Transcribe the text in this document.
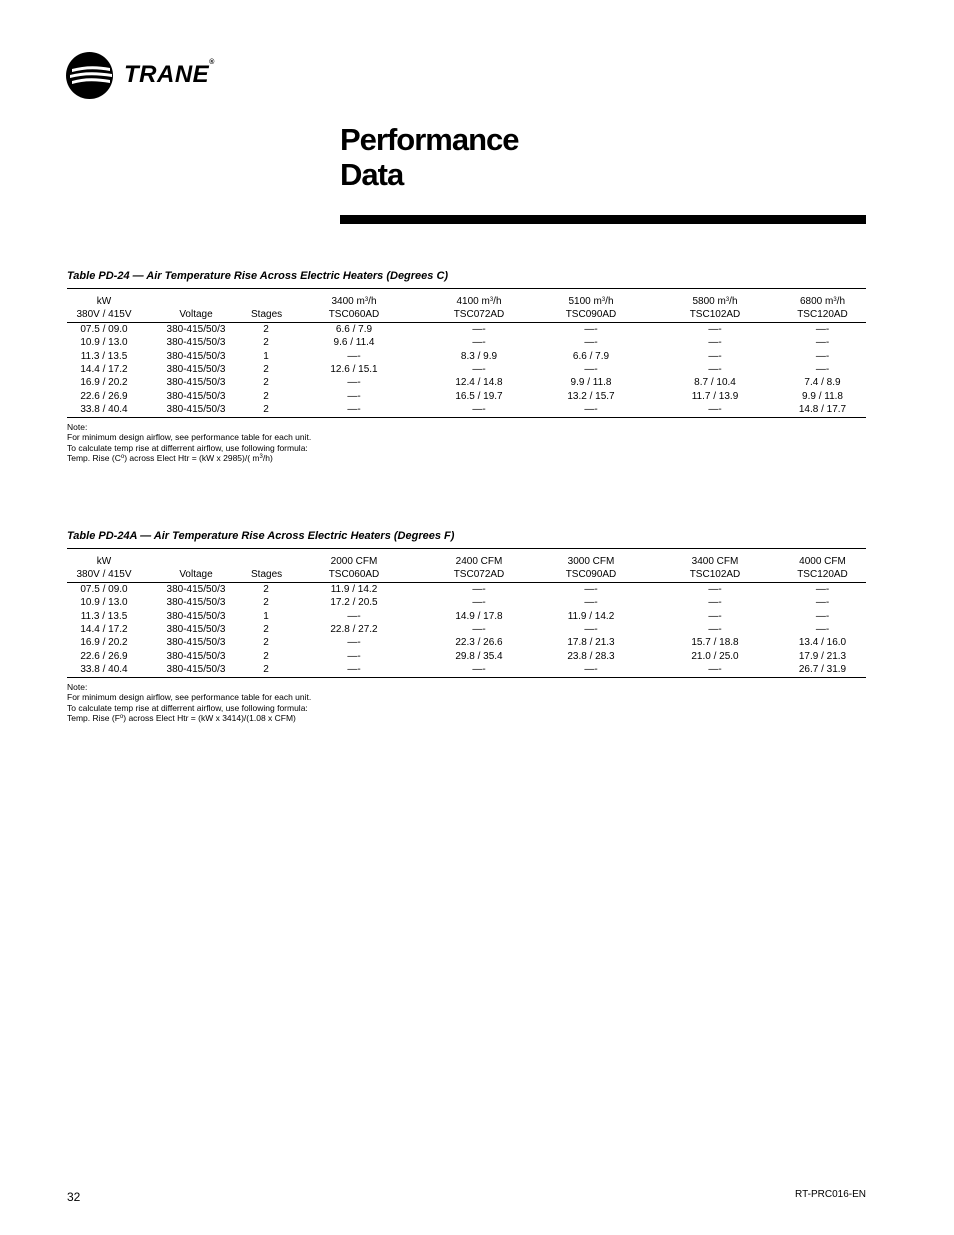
TRANE®
Performance
Data
Table PD-24 — Air Temperature Rise Across Electric Heaters (Degrees C)
kW			3400 $m^3/h$	4100 $m^3/h$	5100 $m^3/h$	5800 $m^3/h$	6800 $m^3/h$
380V / 415V	Voltage	Stages	TSC060AD	TSC072AD	TSC090AD	TSC102AD	TSC120AD
07.5 / 09.0	380-415/50/3	2	6.6 / 7.9	—-	—-	—-	—-
10.9 / 13.0	380-415/50/3	2	9.6 / 11.4	—-	—-	—-	—-
11.3 / 13.5	380-415/50/3	1	—-	8.3 / 9.9	6.6 / 7.9	—-	—-
14.4 / 17.2	380-415/50/3	2	12.6 / 15.1	—-	—-	—-	—-
16.9 / 20.2	380-415/50/3	2	—-	12.4 / 14.8	9.9 / 11.8	8.7 / 10.4	7.4 / 8.9
22.6 / 26.9	380-415/50/3	2	—-	16.5 / 19.7	13.2 / 15.7	11.7 / 13.9	9.9 / 11.8
33.8 / 40.4	380-415/50/3	2	—-	—-	—-	—-	14.8 / 17.7
Note:
For minimum design airflow, see performance table for each unit.
To calculate temp rise at differrent airflow, use following formula:
Temp. Rise $(C^o)$ across Elect Htr = (kW x 2985)/( $m^3/h$)
Table PD-24A — Air Temperature Rise Across Electric Heaters (Degrees F)
kW			2000 CFM	2400 CFM	3000 CFM	3400 CFM	4000 CFM
380V / 415V	Voltage	Stages	TSC060AD	TSC072AD	TSC090AD	TSC102AD	TSC120AD
07.5 / 09.0	380-415/50/3	2	11.9 / 14.2	—-	—-	—-	—-
10.9 / 13.0	380-415/50/3	2	17.2 / 20.5	—-	—-	—-	—-
11.3 / 13.5	380-415/50/3	1	—-	14.9 / 17.8	11.9 / 14.2	—-	—-
14.4 / 17.2	380-415/50/3	2	22.8 / 27.2	—-	—-	—-	—-
16.9 / 20.2	380-415/50/3	2	—-	22.3 / 26.6	17.8 / 21.3	15.7 / 18.8	13.4 / 16.0
22.6 / 26.9	380-415/50/3	2	—-	29.8 / 35.4	23.8 / 28.3	21.0 / 25.0	17.9 / 21.3
33.8 / 40.4	380-415/50/3	2	—-	—-	—-	—-	26.7 / 31.9
Note:
For minimum design airflow, see performance table for each unit.
To calculate temp rise at differrent airflow, use following formula:
Temp. Rise $(F^o)$ across Elect Htr = (kW x 3414)/(1.08 x CFM)
32	RT-PRC016-EN
